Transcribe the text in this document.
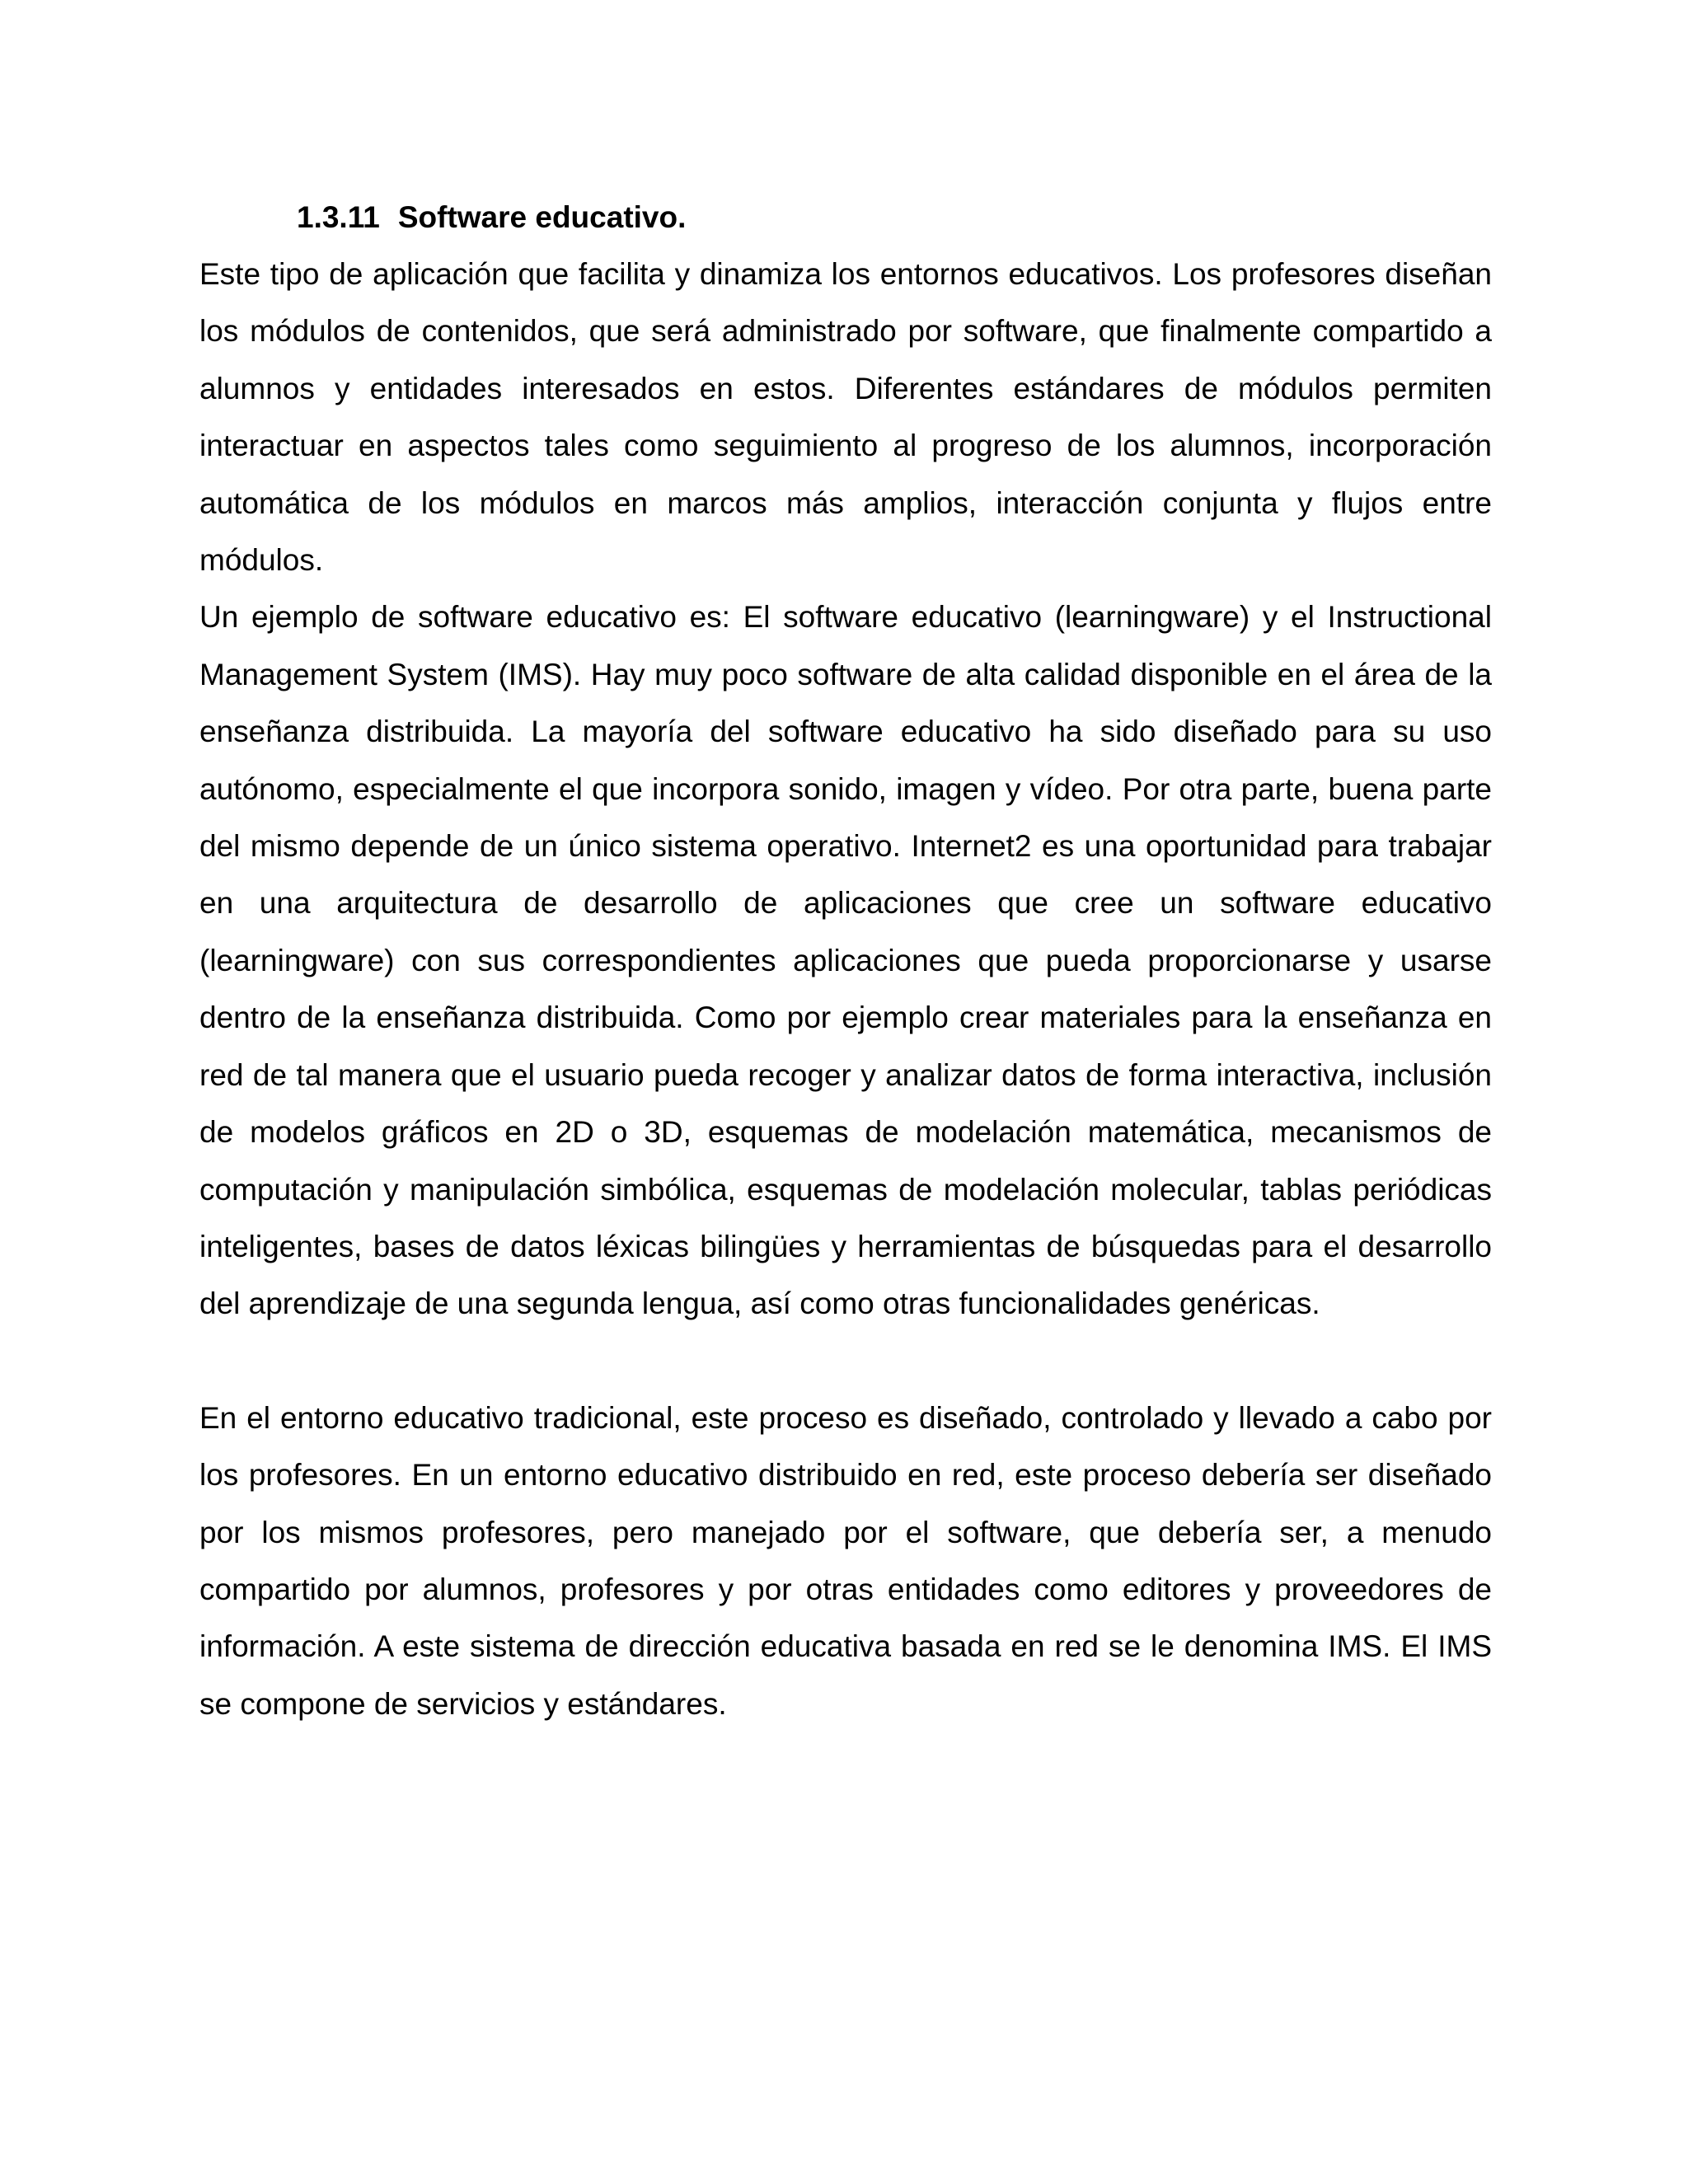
1.3.11 Software educativo.

Este tipo de aplicación que facilita y dinamiza los entornos educativos. Los profesores diseñan los módulos de contenidos, que será administrado por software, que finalmente compartido a alumnos y entidades interesados en estos. Diferentes estándares de módulos permiten interactuar en aspectos tales como seguimiento al progreso de los alumnos, incorporación automática de los módulos en marcos más amplios, interacción conjunta y flujos entre módulos.

Un ejemplo de software educativo es: El software educativo (learningware) y el Instructional Management System (IMS). Hay muy poco software de alta calidad disponible en el área de la enseñanza distribuida. La mayoría del software educativo ha sido diseñado para su uso autónomo, especialmente el que incorpora sonido, imagen y vídeo. Por otra parte, buena parte del mismo depende de un único sistema operativo. Internet2 es una oportunidad para trabajar en una arquitectura de desarrollo de aplicaciones que cree un software educativo (learningware) con sus correspondientes aplicaciones que pueda proporcionarse y usarse dentro de la enseñanza distribuida. Como por ejemplo crear materiales para la enseñanza en red de tal manera que el usuario pueda recoger y analizar datos de forma interactiva, inclusión de modelos gráficos en 2D o 3D, esquemas de modelación matemática, mecanismos de computación y manipulación simbólica, esquemas de modelación molecular, tablas periódicas inteligentes, bases de datos léxicas bilingües y herramientas de búsquedas para el desarrollo del aprendizaje de una segunda lengua, así como otras funcionalidades genéricas.

En el entorno educativo tradicional, este proceso es diseñado, controlado y llevado a cabo por los profesores. En un entorno educativo distribuido en red, este proceso debería ser diseñado por los mismos profesores, pero manejado por el software, que debería ser, a menudo compartido por alumnos, profesores y por otras entidades como editores y proveedores de información. A este sistema de dirección educativa basada en red se le denomina IMS. El IMS se compone de servicios y estándares.
